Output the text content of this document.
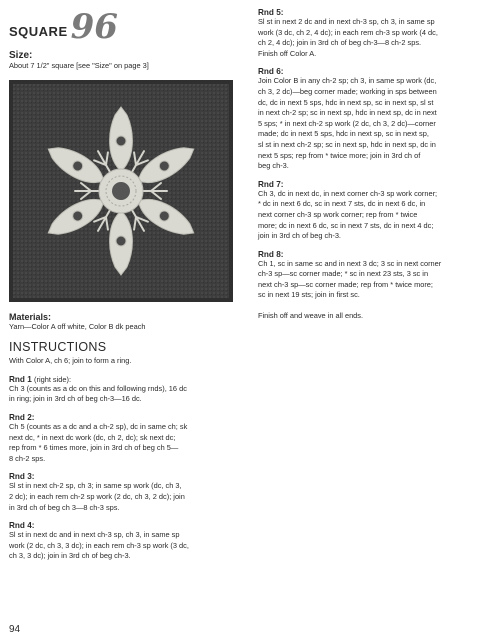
SQUARE 96
Size:
About 7 1/2" square [see "Size" on page 3]
Materials:
Yarn—Color A off white, Color B dk peach
INSTRUCTIONS
With Color A, ch 6; join to form a ring.
Rnd 1 (right side):
Ch 3 (counts as a dc on this and following rnds), 16 dc
in ring; join in 3rd ch of beg ch-3—16 dc.
Rnd 2:
Ch 5 (counts as a dc and a ch-2 sp), dc in same ch; sk
next dc, * in next dc work (dc, ch 2, dc); sk next dc;
rep from * 6 times more, join in 3rd ch of beg ch 5—
8 ch-2 sps.
Rnd 3:
Sl st in next ch-2 sp, ch 3; in same sp work (dc, ch 3,
2 dc); in each rem ch-2 sp work (2 dc, ch 3, 2 dc); join
in 3rd ch of beg ch 3—8 ch-3 sps.
Rnd 4:
Sl st in next dc and in next ch-3 sp, ch 3, in same sp
work (2 dc, ch 3, 3 dc); in each rem ch-3 sp work (3 dc,
ch 3, 3 dc); join in 3rd ch of beg ch-3.
Rnd 5:
Sl st in next 2 dc and in next ch-3 sp, ch 3, in same sp
work (3 dc, ch 2, 4 dc); in each rem ch-3 sp work (4 dc,
ch 2, 4 dc); join in 3rd ch of beg ch-3—8 ch-2 sps.
Finish off Color A.
Rnd 6:
Join Color B in any ch-2 sp; ch 3, in same sp work (dc,
ch 3, 2 dc)—beg corner made; working in sps between
dc, dc in next 5 sps, hdc in next sp, sc in next sp, sl st
in next ch-2 sp; sc in next sp, hdc in next sp, dc in next
5 sps; * in next ch-2 sp work (2 dc, ch 3, 2 dc)—corner
made; dc in next 5 sps, hdc in next sp, sc in next sp,
sl st in next ch-2 sp; sc in next sp, hdc in next sp, dc in
next 5 sps; rep from * twice more; join in 3rd ch of
beg ch-3.
Rnd 7:
Ch 3, dc in next dc, in next corner ch-3 sp work corner;
* dc in next 6 dc, sc in next 7 sts, dc in next 6 dc, in
next corner ch-3 sp work corner; rep from * twice
more; dc in next 6 dc, sc in next 7 sts, dc in next 4 dc;
join in 3rd ch of beg ch-3.
Rnd 8:
Ch 1, sc in same sc and in next 3 dc; 3 sc in next corner
ch-3 sp—sc corner made; * sc in next 23 sts, 3 sc in
next ch-3 sp—sc corner made; rep from * twice more;
sc in next 19 sts; join in first sc.
Finish off and weave in all ends.
94
